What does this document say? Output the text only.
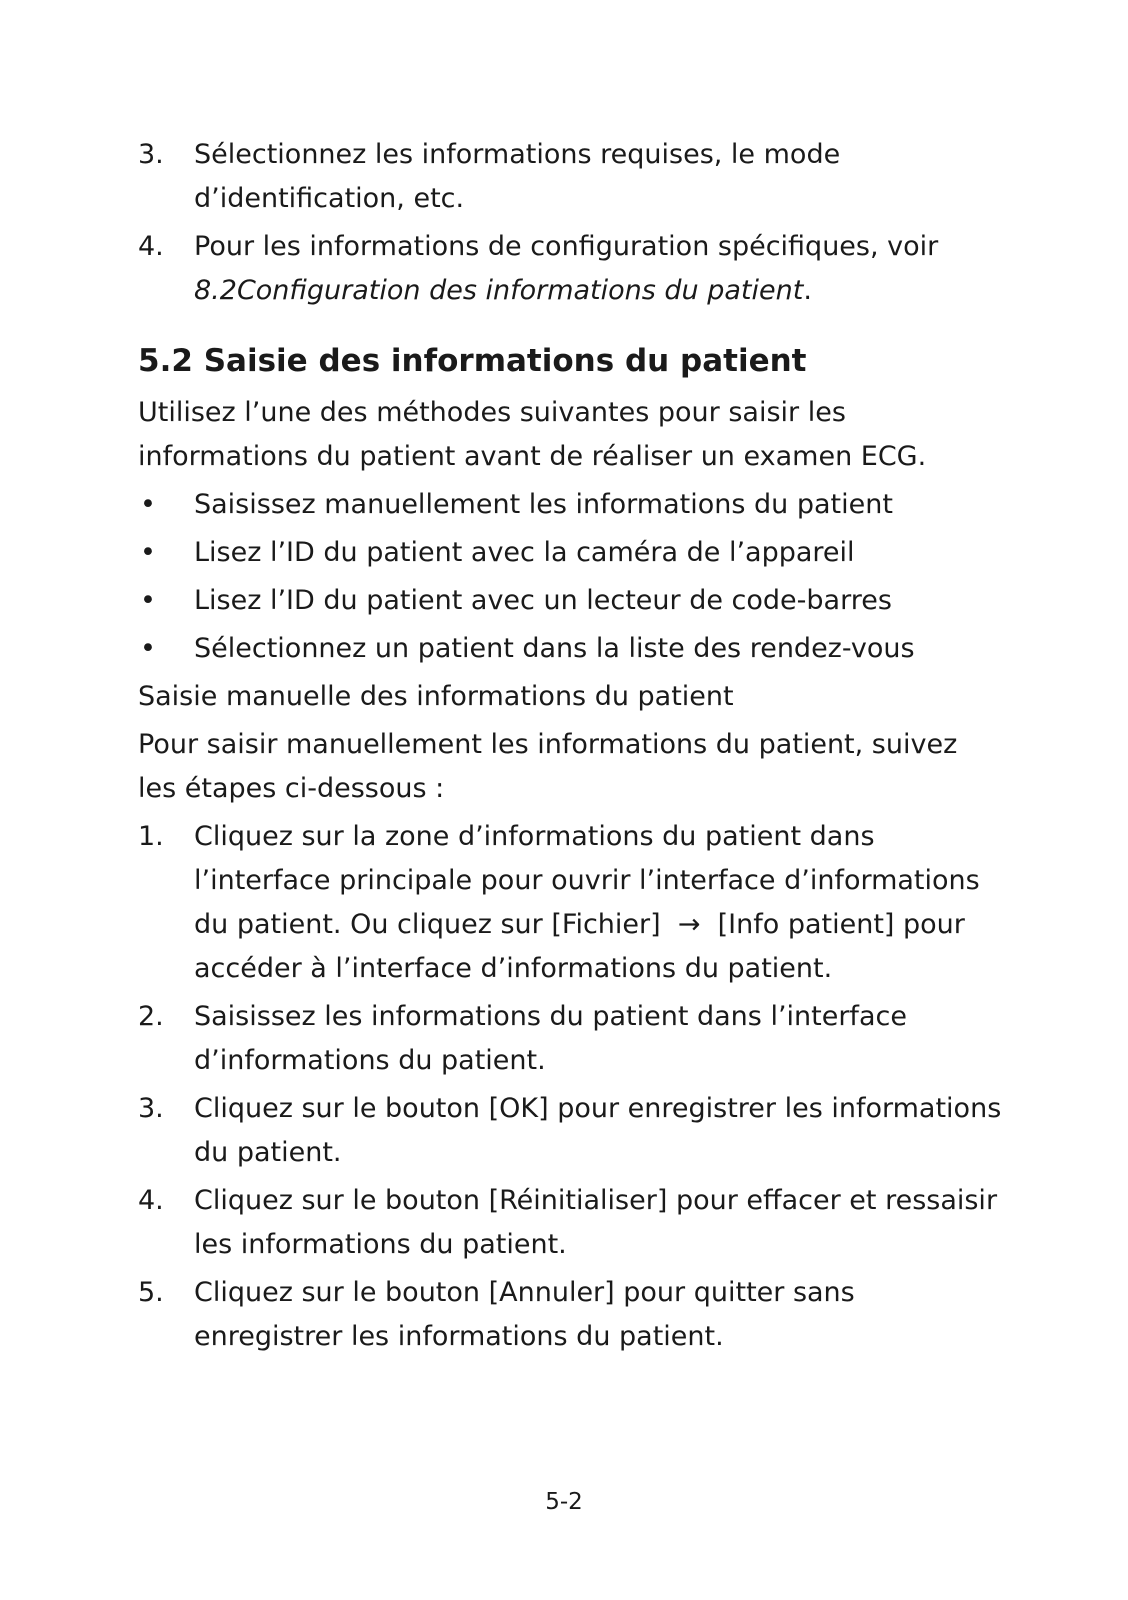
3.	Sélectionnez les informations requises, le mode
d’identification, etc.
4.	Pour les informations de configuration spécifiques, voir
8.2Configuration des informations du patient.
5.2 Saisie des informations du patient

Utilisez l’une des méthodes suivantes pour saisir les
informations du patient avant de réaliser un examen ECG.

•	Saisissez manuellement les informations du patient
•	Lisez l’ID du patient avec la caméra de l’appareil
•	Lisez l’ID du patient avec un lecteur de code-barres
•	Sélectionnez un patient dans la liste des rendez-vous

Saisie manuelle des informations du patient

Pour saisir manuellement les informations du patient, suivez
les étapes ci-dessous :

1.	Cliquez sur la zone d’informations du patient dans
l’interface principale pour ouvrir l’interface d’informations
du patient. Ou cliquez sur [Fichier]  →  [Info patient] pour
accéder à l’interface d’informations du patient.
2.	Saisissez les informations du patient dans l’interface
d’informations du patient.
3.	Cliquez sur le bouton [OK] pour enregistrer les informations
du patient.
4.	Cliquez sur le bouton [Réinitialiser] pour effacer et ressaisir
les informations du patient.
5.	Cliquez sur le bouton [Annuler] pour quitter sans
enregistrer les informations du patient.
5-2
